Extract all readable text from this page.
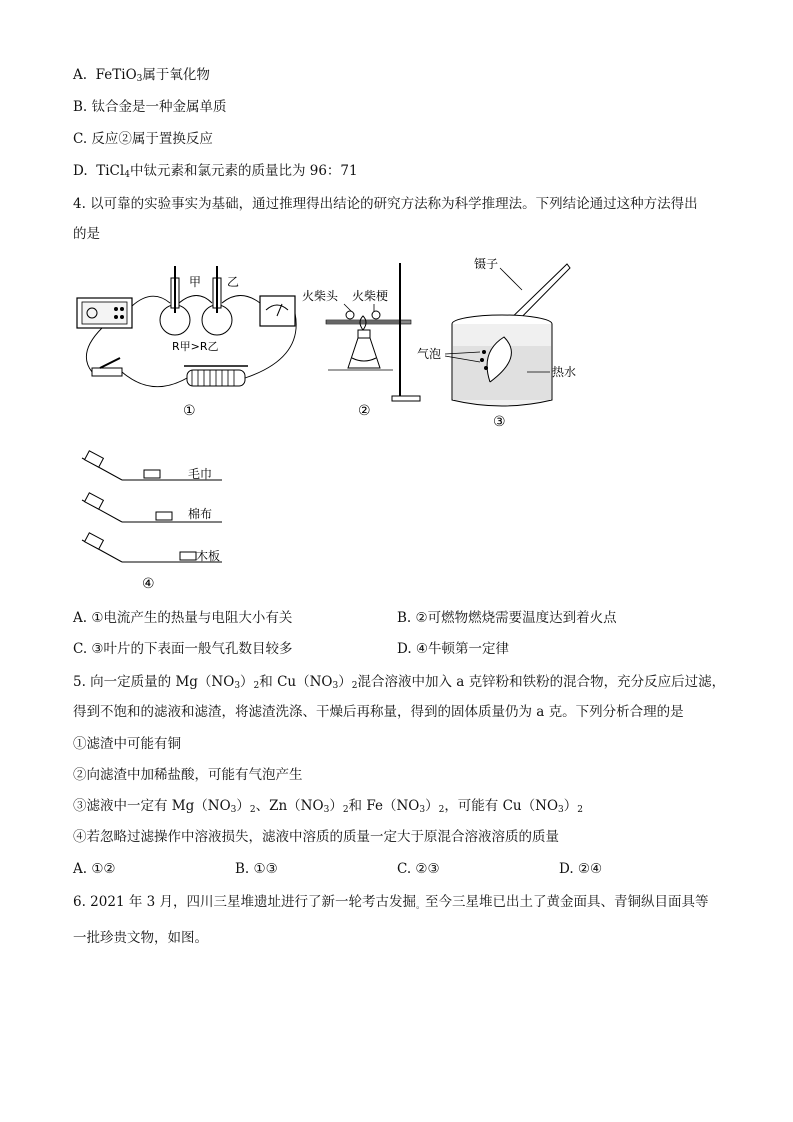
A. FeTiO$_3$属于氧化物
B. 钛合金是一种金属单质
C. 反应②属于置换反应
D. TiCl$_4$中钛元素和氯元素的质量比为 96：71
4. 以可靠的实验事实为基础，通过推理得出结论的研究方法称为科学推理法。下列结论通过这种方法得出
的是
甲 乙
R甲>R乙
①
火柴头 火柴梗
②
镊子
气泡
热水
③
毛巾
棉布
木板
④
A. ①电流产生的热量与电阻大小有关	B. ②可燃物燃烧需要温度达到着火点
C. ③叶片的下表面一般气孔数目较多	D. ④牛顿第一定律
5. 向一定质量的 $Mg(NO_3)_2$和 $Cu(NO_3)_2$混合溶液中加入 a 克锌粉和铁粉的混合物，充分反应后过滤，
得到不饱和的滤液和滤渣，将滤渣洗涤、干燥后再称量，得到的固体质量仍为 a 克。下列分析合理的是
①滤渣中可能有铜
②向滤渣中加稀盐酸，可能有气泡产生
③滤液中一定有 $Mg(NO_3)_2$、$Zn(NO_3)_2$和 $Fe(NO_3)_2$，可能有 $Cu(NO_3)_2$
④若忽略过滤操作中溶液损失，滤液中溶质的质量一定大于原混合溶液溶质的质量
A. ①②	B. ①③	C. ②③	D. ②④
6. 2021 年 3 月，四川三星堆遗址进行了新一轮考古发掘$_。$至今三星堆已出土了黄金面具、青铜纵目面具等
一批珍贵文物，如图。
